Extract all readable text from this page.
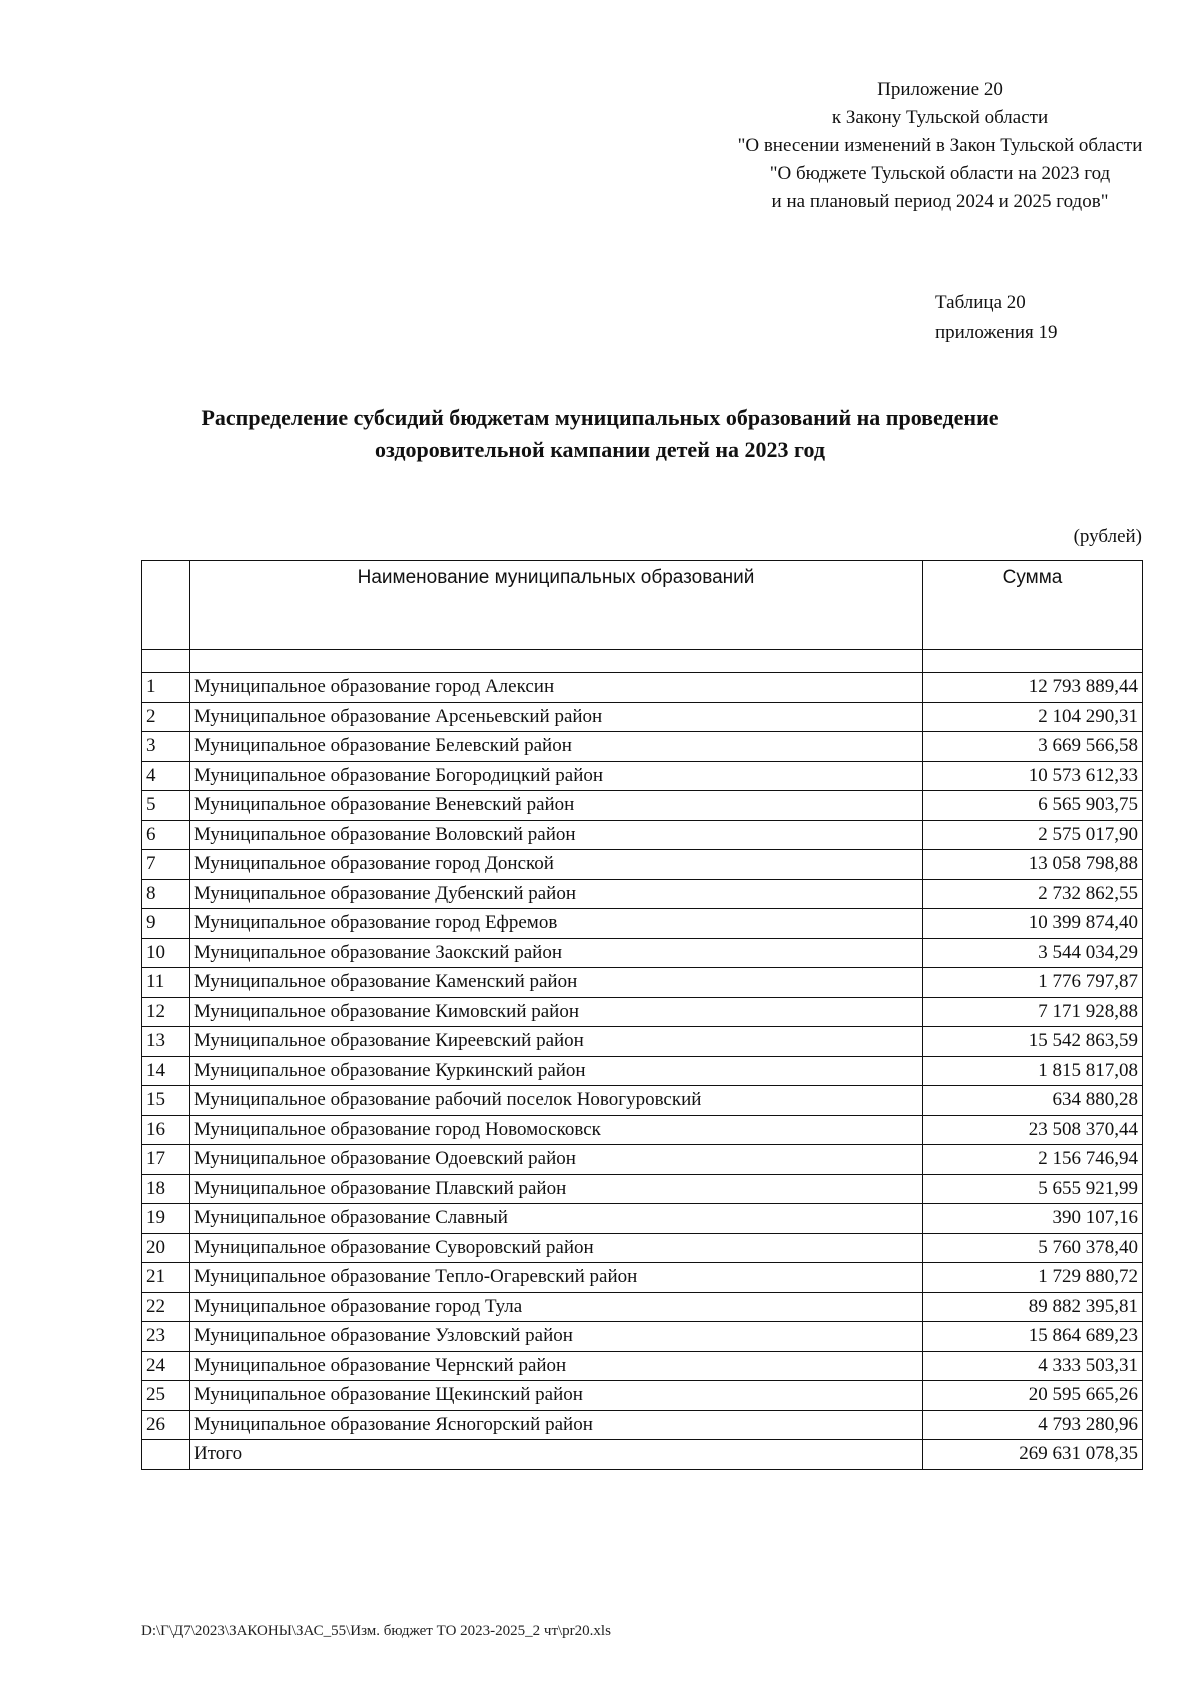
Приложение 20
к Закону Тульской области
"О внесении изменений в Закон Тульской области
"О бюджете Тульской области на 2023 год
и на плановый период 2024 и 2025 годов"
Таблица 20
приложения 19
Распределение субсидий бюджетам муниципальных образований на проведение
оздоровительной кампании детей на 2023 год
(рублей)
	Наименование муниципальных образований	Сумма

1	Муниципальное образование город Алексин	12 793 889,44
2	Муниципальное образование Арсеньевский район	2 104 290,31
3	Муниципальное образование Белевский район	3 669 566,58
4	Муниципальное образование Богородицкий район	10 573 612,33
5	Муниципальное образование Веневский район	6 565 903,75
6	Муниципальное образование Воловский район	2 575 017,90
7	Муниципальное образование город Донской	13 058 798,88
8	Муниципальное образование Дубенский район	2 732 862,55
9	Муниципальное образование город Ефремов	10 399 874,40
10	Муниципальное образование Заокский район	3 544 034,29
11	Муниципальное образование Каменский район	1 776 797,87
12	Муниципальное образование Кимовский район	7 171 928,88
13	Муниципальное образование Киреевский район	15 542 863,59
14	Муниципальное образование Куркинский район	1 815 817,08
15	Муниципальное образование рабочий поселок Новогуровский	634 880,28
16	Муниципальное образование город Новомосковск	23 508 370,44
17	Муниципальное образование Одоевский район	2 156 746,94
18	Муниципальное образование Плавский район	5 655 921,99
19	Муниципальное образование Славный	390 107,16
20	Муниципальное образование Суворовский район	5 760 378,40
21	Муниципальное образование Тепло-Огаревский район	1 729 880,72
22	Муниципальное образование город Тула	89 882 395,81
23	Муниципальное образование Узловский район	15 864 689,23
24	Муниципальное образование Чернский район	4 333 503,31
25	Муниципальное образование Щекинский район	20 595 665,26
26	Муниципальное образование Ясногорский район	4 793 280,96
	Итого	269 631 078,35
D:\Г\Д7\2023\ЗАКОНЫ\ЗАС_55\Изм. бюджет ТО 2023-2025_2 чт\pr20.xls
